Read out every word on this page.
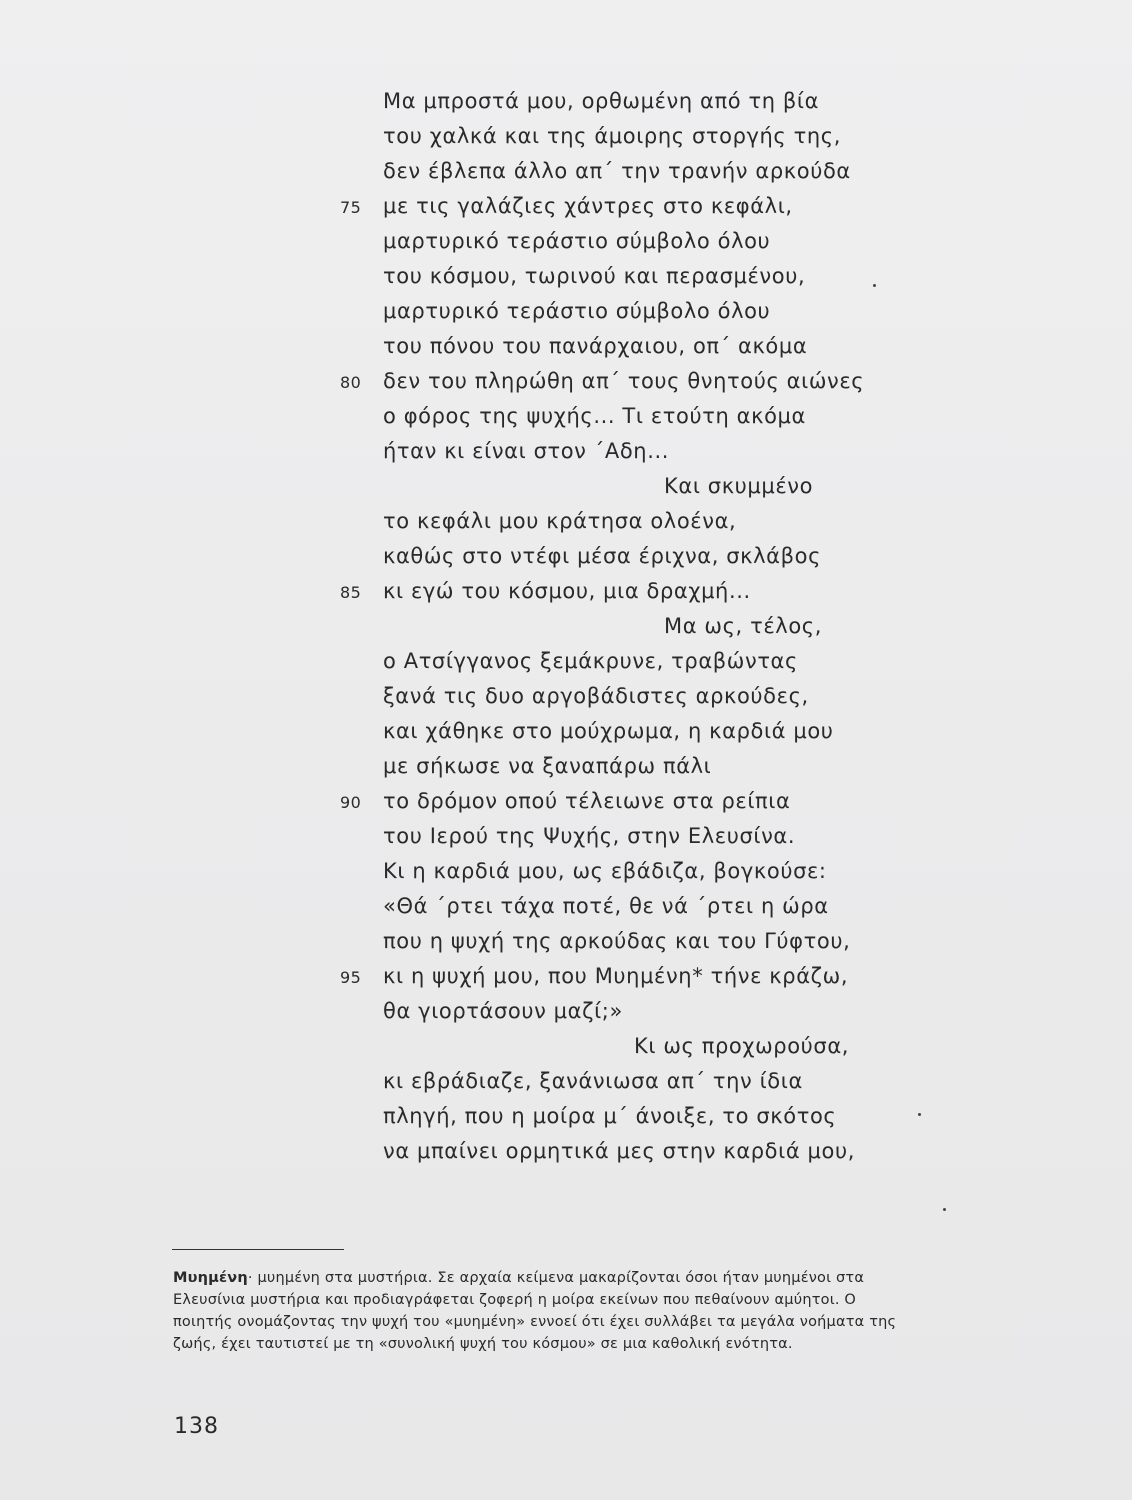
Μα μπροστά μου, ορθωμένη από τη βία
του χαλκά και της άμοιρης στοργής της,
δεν έβλεπα άλλο απ΄ την τρανήν αρκούδα
75	με τις γαλάζιες χάντρες στο κεφάλι,
μαρτυρικό τεράστιο σύμβολο όλου
του κόσμου, τωρινού και περασμένου,
μαρτυρικό τεράστιο σύμβολο όλου
του πόνου του πανάρχαιου, οπ΄ ακόμα
80	δεν του πληρώθη απ΄ τους θνητούς αιώνες
ο φόρος της ψυχής... Τι ετούτη ακόμα
ήταν κι είναι στον ΄Αδη...
Και σκυμμένο
το κεφάλι μου κράτησα ολοένα,
καθώς στο ντέφι μέσα έριχνα, σκλάβος
85	κι εγώ του κόσμου, μια δραχμή...
Μα ως, τέλος,
ο Ατσίγγανος ξεμάκρυνε, τραβώντας
ξανά τις δυο αργοβάδιστες αρκούδες,
και χάθηκε στο μούχρωμα, η καρδιά μου
με σήκωσε να ξαναπάρω πάλι
90	το δρόμον οπού τέλειωνε στα ρείπια
του Ιερού της Ψυχής, στην Ελευσίνα.
Κι η καρδιά μου, ως εβάδιζα, βογκούσε:
«Θά ΄ρτει τάχα ποτέ, θε νά ΄ρτει η ώρα
που η ψυχή της αρκούδας και του Γύφτου,
95	κι η ψυχή μου, που Μυημένη* τήνε κράζω,
θα γιορτάσουν μαζί;»
Κι ως προχωρούσα,
κι εβράδιαζε, ξανάνιωσα απ΄ την ίδια
πληγή, που η μοίρα μ΄ άνοιξε, το σκότος
να μπαίνει ορμητικά μες στην καρδιά μου,
Μυημένη· μυημένη στα μυστήρια. Σε αρχαία κείμενα μακαρίζονται όσοι ήταν μυημένοι στα
Ελευσίνια μυστήρια και προδιαγράφεται ζοφερή η μοίρα εκείνων που πεθαίνουν αμύητοι. Ο
ποιητής ονομάζοντας την ψυχή του «μυημένη» εννοεί ότι έχει συλλάβει τα μεγάλα νοήματα της
ζωής, έχει ταυτιστεί με τη «συνολική ψυχή του κόσμου» σε μια καθολική ενότητα.
138
